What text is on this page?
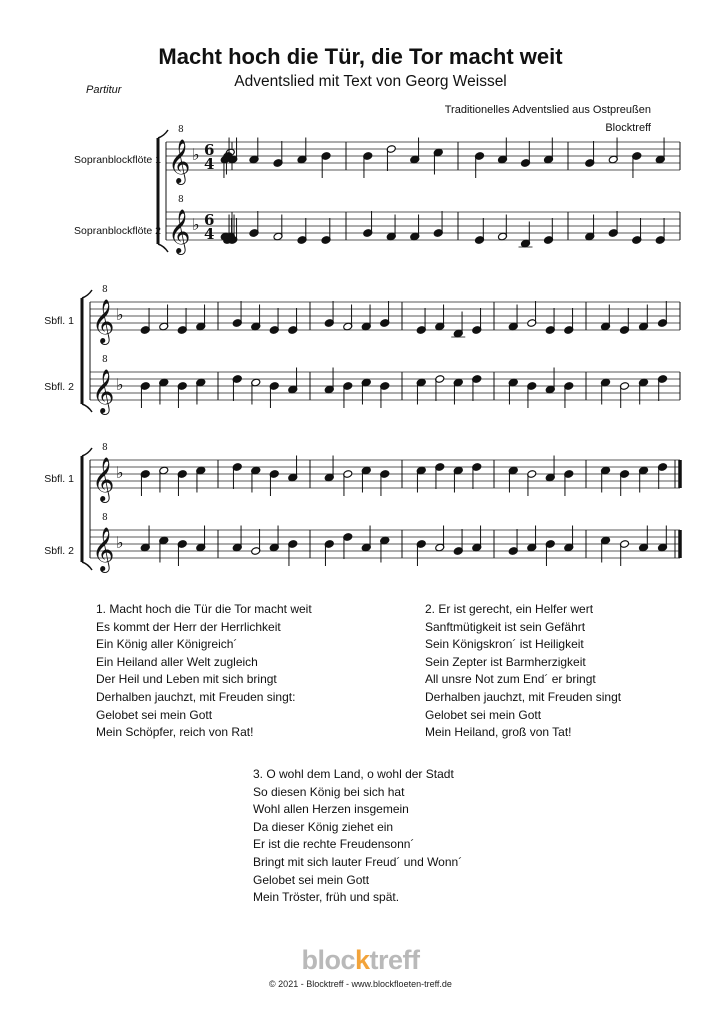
Macht hoch die Tür, die Tor macht weit
Adventslied mit Text von Georg Weissel
Partitur
Traditionelles Adventslied aus Ostpreußen
Blocktreff
𝄞
8
♭ 6
4
𝄞
8
♭ 6
4
𝄞
8
♭
𝄞
8
♭
𝄞
8
♭
𝄞
8
♭
Sopranblockflöte 1
Sopranblockflöte 2
Sbfl. 1
Sbfl. 2
Sbfl. 1
Sbfl. 2
1. Macht hoch die Tür die Tor macht weit
Es kommt der Herr der Herrlichkeit
Ein König aller Königreich´
Ein Heiland aller Welt zugleich
Der Heil und Leben mit sich bringt
Derhalben jauchzt, mit Freuden singt:
Gelobet sei mein Gott
Mein Schöpfer, reich von Rat!
2. Er ist gerecht, ein Helfer wert
Sanftmütigkeit ist sein Gefährt
Sein Königskron´ ist Heiligkeit
Sein Zepter ist Barmherzigkeit
All unsre Not zum End´ er bringt
Derhalben jauchzt, mit Freuden singt
Gelobet sei mein Gott
Mein Heiland, groß von Tat!
3. O wohl dem Land, o wohl der Stadt
So diesen König bei sich hat
Wohl allen Herzen insgemein
Da dieser König ziehet ein
Er ist die rechte Freudensonn´
Bringt mit sich lauter Freud´ und Wonn´
Gelobet sei mein Gott
Mein Tröster, früh und spät.
blocktreff
© 2021 - Blocktreff - www.blockfloeten-treff.de
